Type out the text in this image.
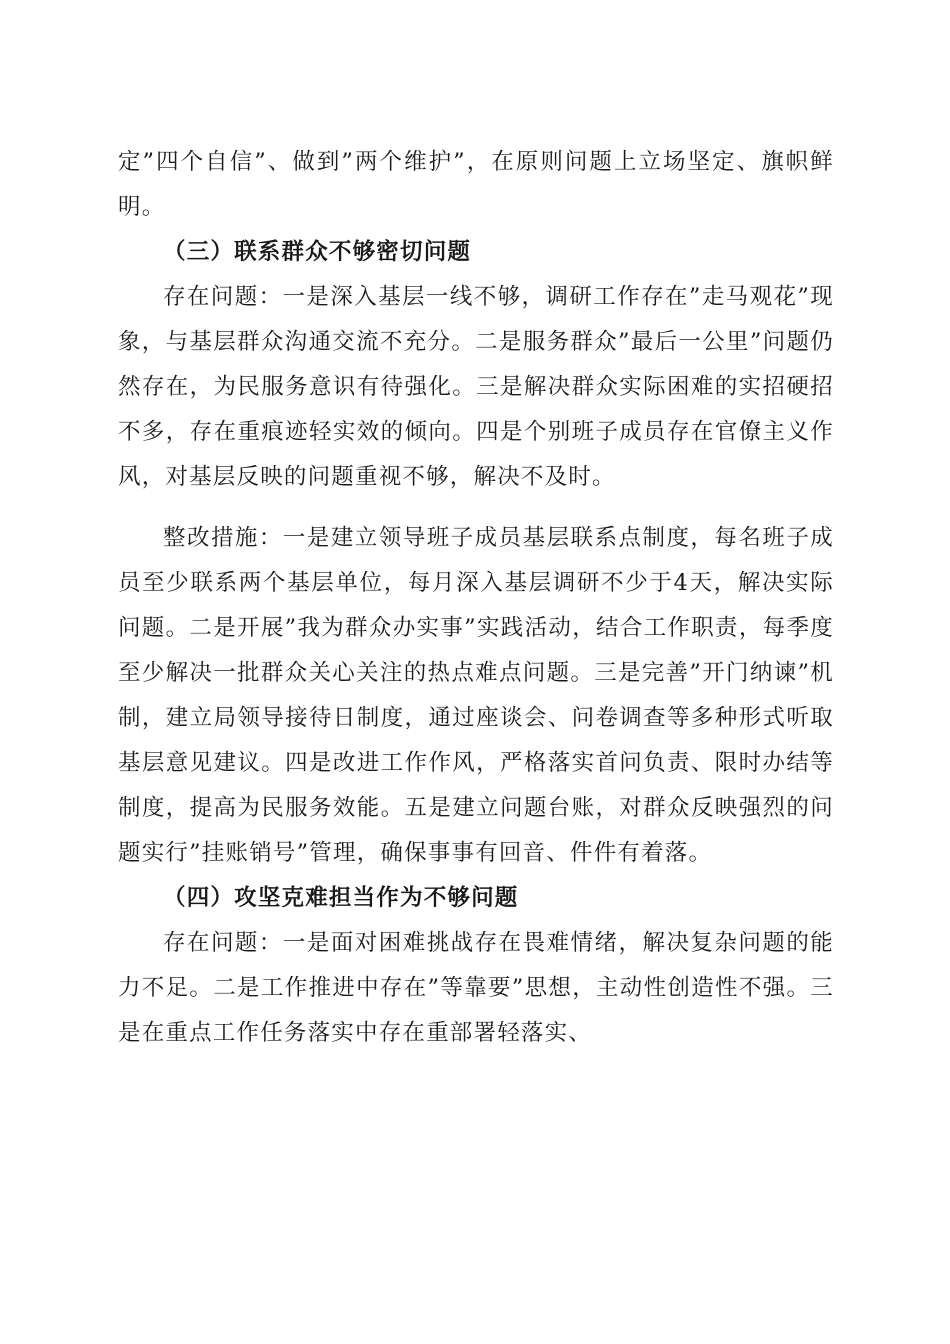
定”四个自信”、做到”两个维护”，在原则问题上立场坚定、旗帜鲜明。

（三）联系群众不够密切问题

存在问题：一是深入基层一线不够，调研工作存在”走马观花”现象，与基层群众沟通交流不充分。二是服务群众”最后一公里”问题仍然存在，为民服务意识有待强化。三是解决群众实际困难的实招硬招不多，存在重痕迹轻实效的倾向。四是个别班子成员存在官僚主义作风，对基层反映的问题重视不够，解决不及时。

整改措施：一是建立领导班子成员基层联系点制度，每名班子成员至少联系两个基层单位，每月深入基层调研不少于4天，解决实际问题。二是开展”我为群众办实事”实践活动，结合工作职责，每季度至少解决一批群众关心关注的热点难点问题。三是完善”开门纳谏”机制，建立局领导接待日制度，通过座谈会、问卷调查等多种形式听取基层意见建议。四是改进工作作风，严格落实首问负责、限时办结等制度，提高为民服务效能。五是建立问题台账，对群众反映强烈的问题实行”挂账销号”管理，确保事事有回音、件件有着落。

（四）攻坚克难担当作为不够问题

存在问题：一是面对困难挑战存在畏难情绪，解决复杂问题的能力不足。二是工作推进中存在”等靠要”思想，主动性创造性不强。三是在重点工作任务落实中存在重部署轻落实、
